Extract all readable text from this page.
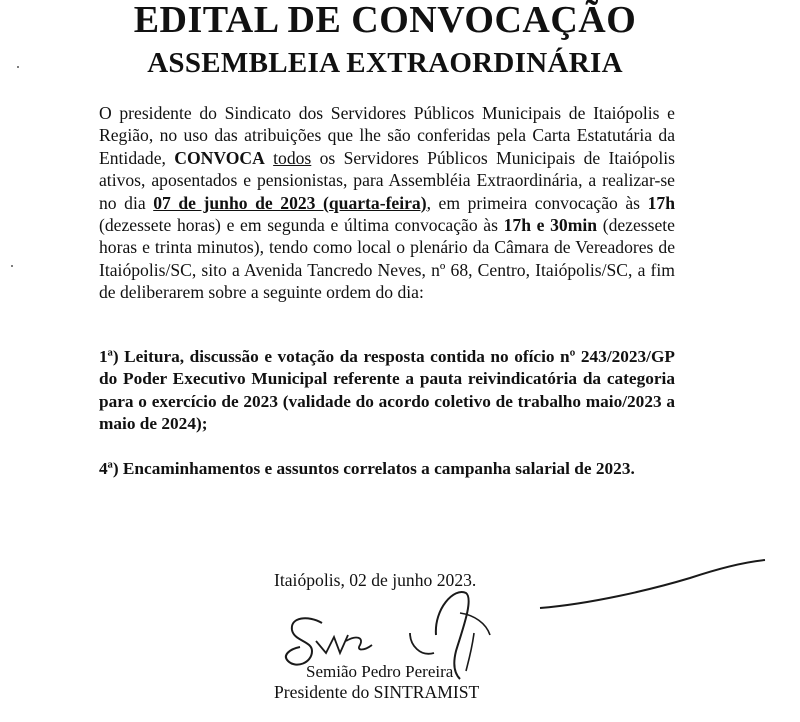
EDITAL DE CONVOCAÇÃO
ASSEMBLEIA EXTRAORDINÁRIA

O presidente do Sindicato dos Servidores Públicos Municipais de Itaiópolis e Região, no uso das atribuições que lhe são conferidas pela Carta Estatutária da Entidade, CONVOCA todos os Servidores Públicos Municipais de Itaiópolis ativos, aposentados e pensionistas, para Assembléia Extraordinária, a realizar-se no dia 07 de junho de 2023 (quarta-feira), em primeira convocação às 17h (dezessete horas) e em segunda e última convocação às 17h e 30min (dezessete horas e trinta minutos), tendo como local o plenário da Câmara de Vereadores de Itaiópolis/SC, sito a Avenida Tancredo Neves, nº 68, Centro, Itaiópolis/SC, a fim de deliberarem sobre a seguinte ordem do dia:

1ª) Leitura, discussão e votação da resposta contida no ofício nº 243/2023/GP do Poder Executivo Municipal referente a pauta reivindicatória da categoria para o exercício de 2023 (validade do acordo coletivo de trabalho maio/2023 a maio de 2024);

4ª) Encaminhamentos e assuntos correlatos a campanha salarial de 2023.

Itaiópolis, 02 de junho 2023.

Semião Pedro Pereira

Presidente do SINTRAMIST
